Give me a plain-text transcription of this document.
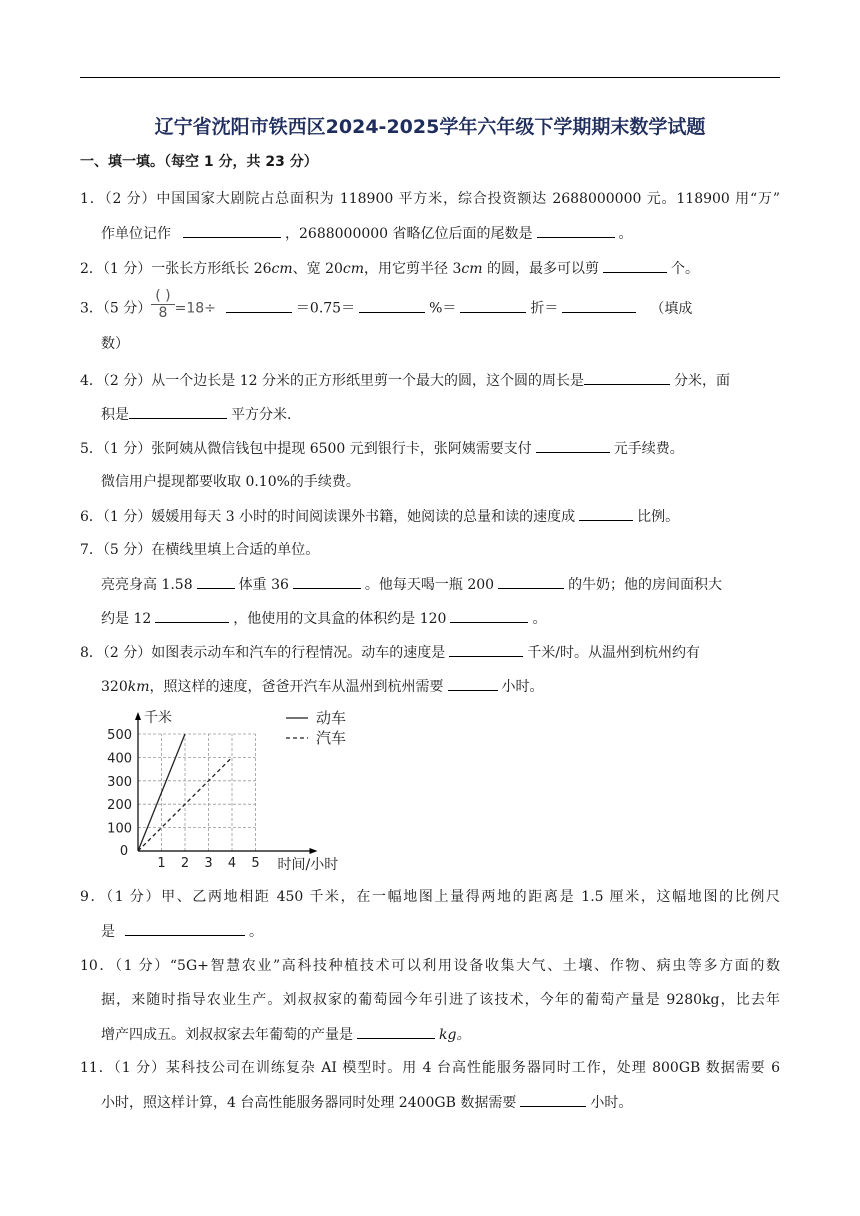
辽宁省沈阳市铁西区2024-2025学年六年级下学期期末数学试题
一、填一填。（每空 1 分，共 23 分）
1．（2 分）中国国家大剧院占总面积为 118900 平方米，综合投资额达 2688000000 元。118900 用“万”
作单位记作	，2688000000 省略亿位后面的尾数是	。
2．（1 分）一张长方形纸长 26cm、宽 20cm，用它剪半径 3cm 的圆，最多可以剪	个。
3．（5 分） $\frac{( )}{8} =18\div$	＝0.75＝	%＝	折＝	（填成
数）
4．（2 分）从一个边长是 12 分米的正方形纸里剪一个最大的圆，这个圆的周长是	分米，面
积是	平方分米.
5．（1 分）张阿姨从微信钱包中提现 6500 元到银行卡，张阿姨需要支付	元手续费。
微信用户提现都要收取 0.10%的手续费。
6．（1 分）媛媛用每天 3 小时的时间阅读课外书籍，她阅读的总量和读的速度成	比例。
7．（5 分）在横线里填上合适的单位。
亮亮身高 1.58	体重 36	。他每天喝一瓶 200	的牛奶；他的房间面积大
约是 12	，他使用的文具盒的体积约是 120	。
8．（2 分）如图表示动车和汽车的行程情况。动车的速度是	千米/时。从温州到杭州约有
320km，照这样的速度，爸爸开汽车从温州到杭州需要	小时。
0
1 2 3 4 5
100
200
300
400
500
千米
时间/小时
动车
汽车
9．（1 分）甲、乙两地相距 450 千米，在一幅地图上量得两地的距离是 1.5 厘米，这幅地图的比例尺
是	。
10．（1 分）“5G+智慧农业”高科技种植技术可以利用设备收集大气、土壤、作物、病虫等多方面的数
据，来随时指导农业生产。刘叔叔家的葡萄园今年引进了该技术，今年的葡萄产量是 9280kg，比去年
增产四成五。刘叔叔家去年葡萄的产量是	kg。
11．（1 分）某科技公司在训练复杂 AI 模型时。用 4 台高性能服务器同时工作，处理 800GB 数据需要 6
小时，照这样计算，4 台高性能服务器同时处理 2400GB 数据需要	小时。
